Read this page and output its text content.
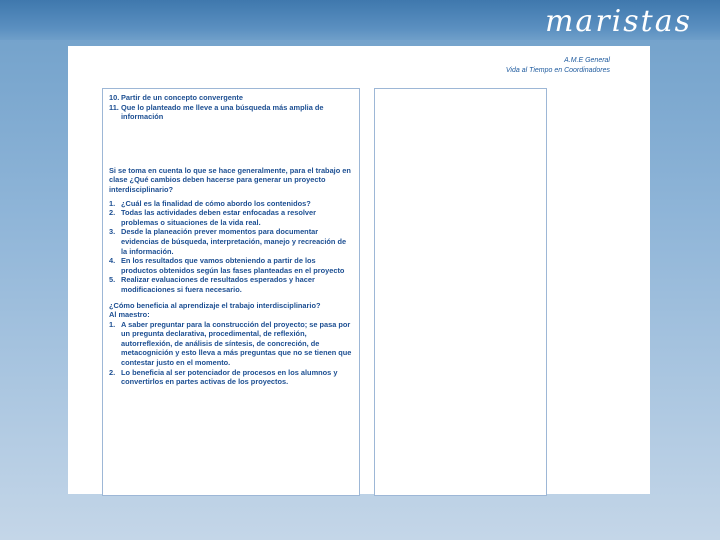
maristas
A.M.E General
Vida al Tiempo en Coordinadores
10. Partir de un concepto convergente
11. Que lo planteado me lleve a una búsqueda más amplia de información
Si se toma en cuenta lo que se hace generalmente, para el trabajo en clase ¿Qué cambios deben hacerse para generar un proyecto interdisciplinario?
1. ¿Cuál es la finalidad de cómo abordo los contenidos?
2. Todas las actividades deben estar enfocadas a resolver problemas o situaciones de la vida real.
3. Desde la planeación prever momentos para documentar evidencias de búsqueda, interpretación, manejo y recreación de la información.
4. En los resultados que vamos obteniendo a partir de los productos obtenidos según las fases planteadas en el proyecto
5. Realizar evaluaciones de resultados esperados y hacer modificaciones si fuera necesario.
¿Cómo beneficia al aprendizaje el trabajo interdisciplinario?
Al maestro:
1. A saber preguntar para la construcción del proyecto; se pasa por un pregunta declarativa, procedimental, de reflexión, autorreflexión, de análisis de síntesis, de concreción, de metacognición y esto lleva a más preguntas que no se tienen que contestar justo en el momento.
2. Lo beneficia al ser potenciador de procesos en los alumnos y convertirlos en partes activas de los proyectos.
